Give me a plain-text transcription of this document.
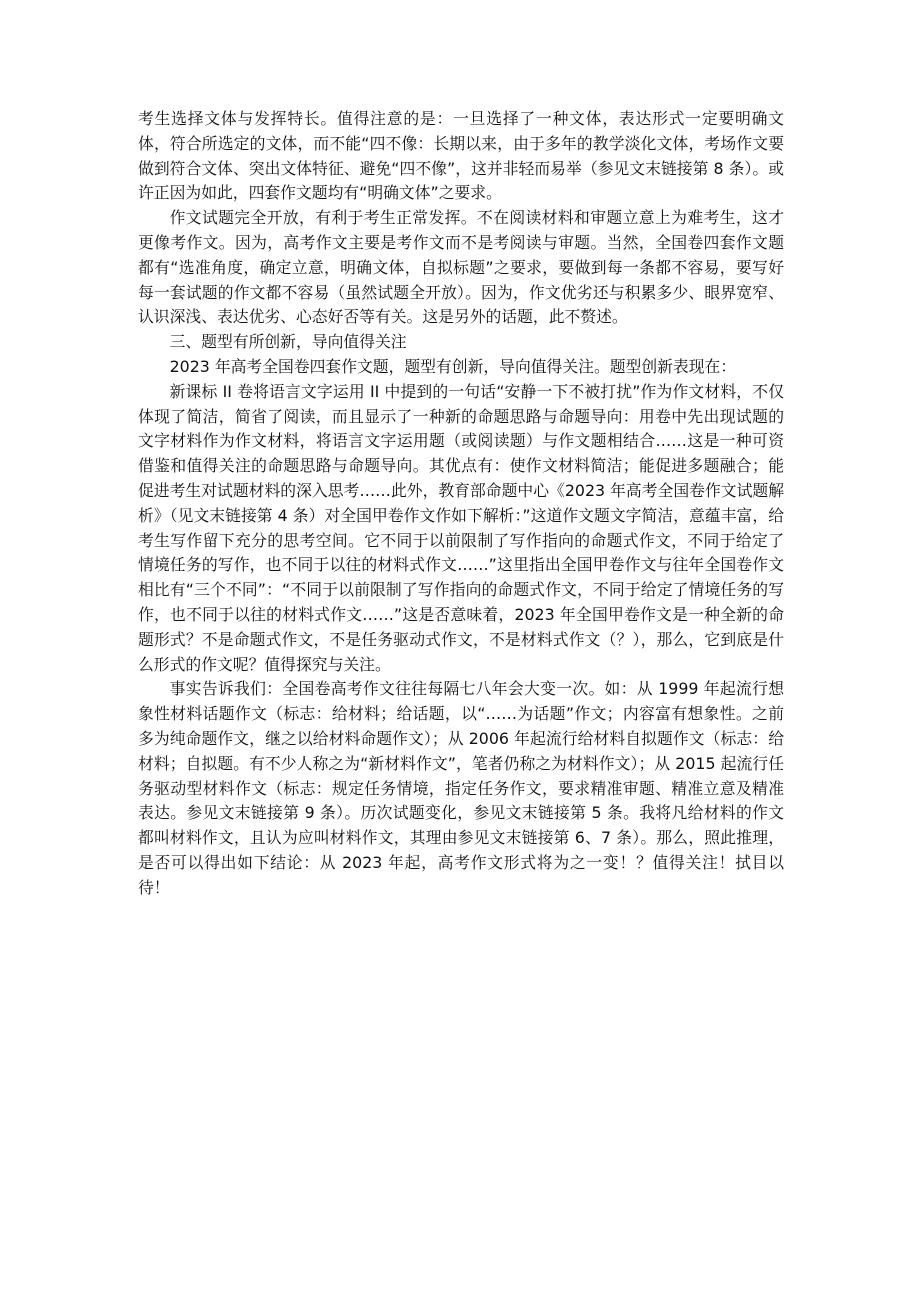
考生选择文体与发挥特长。值得注意的是：一旦选择了一种文体，表达形式一定要明确文体，符合所选定的文体，而不能“四不像：长期以来，由于多年的教学淡化文体，考场作文要做到符合文体、突出文体特征、避免“四不像”，这并非轻而易举（参见文末链接第 8 条）。或许正因为如此，四套作文题均有“明确文体”之要求。

作文试题完全开放，有利于考生正常发挥。不在阅读材料和审题立意上为难考生，这才更像考作文。因为，高考作文主要是考作文而不是考阅读与审题。当然，全国卷四套作文题都有“选准角度，确定立意，明确文体，自拟标题”之要求，要做到每一条都不容易，要写好每一套试题的作文都不容易（虽然试题全开放）。因为，作文优劣还与积累多少、眼界宽窄、认识深浅、表达优劣、心态好否等有关。这是另外的话题，此不赘述。

三、题型有所创新，导向值得关注

2023 年高考全国卷四套作文题，题型有创新，导向值得关注。题型创新表现在：

新课标 II 卷将语言文字运用 II 中提到的一句话“安静一下不被打扰”作为作文材料，不仅体现了简洁，简省了阅读，而且显示了一种新的命题思路与命题导向：用卷中先出现试题的文字材料作为作文材料，将语言文字运用题（或阅读题）与作文题相结合……这是一种可资借鉴和值得关注的命题思路与命题导向。其优点有：使作文材料简洁；能促进多题融合；能促进考生对试题材料的深入思考……此外，教育部命题中心《2023 年高考全国卷作文试题解析》（见文末链接第 4 条）对全国甲卷作文作如下解析：”这道作文题文字简洁，意蕴丰富，给考生写作留下充分的思考空间。它不同于以前限制了写作指向的命题式作文，不同于给定了情境任务的写作，也不同于以往的材料式作文……”这里指出全国甲卷作文与往年全国卷作文相比有“三个不同”：“不同于以前限制了写作指向的命题式作文，不同于给定了情境任务的写作，也不同于以往的材料式作文……”这是否意味着，2023 年全国甲卷作文是一种全新的命题形式？不是命题式作文，不是任务驱动式作文，不是材料式作文（？），那么，它到底是什么形式的作文呢？值得探究与关注。

事实告诉我们：全国卷高考作文往往每隔七八年会大变一次。如：从 1999 年起流行想象性材料话题作文（标志：给材料；给话题，以“……为话题”作文；内容富有想象性。之前多为纯命题作文，继之以给材料命题作文）；从 2006 年起流行给材料自拟题作文（标志：给材料；自拟题。有不少人称之为“新材料作文”，笔者仍称之为材料作文）；从 2015 起流行任务驱动型材料作文（标志：规定任务情境，指定任务作文，要求精准审题、精准立意及精准表达。参见文末链接第 9 条）。历次试题变化，参见文末链接第 5 条。我将凡给材料的作文都叫材料作文，且认为应叫材料作文，其理由参见文末链接第 6、7 条）。那么，照此推理，是否可以得出如下结论：从 2023 年起，高考作文形式将为之一变！？值得关注！拭目以待！
